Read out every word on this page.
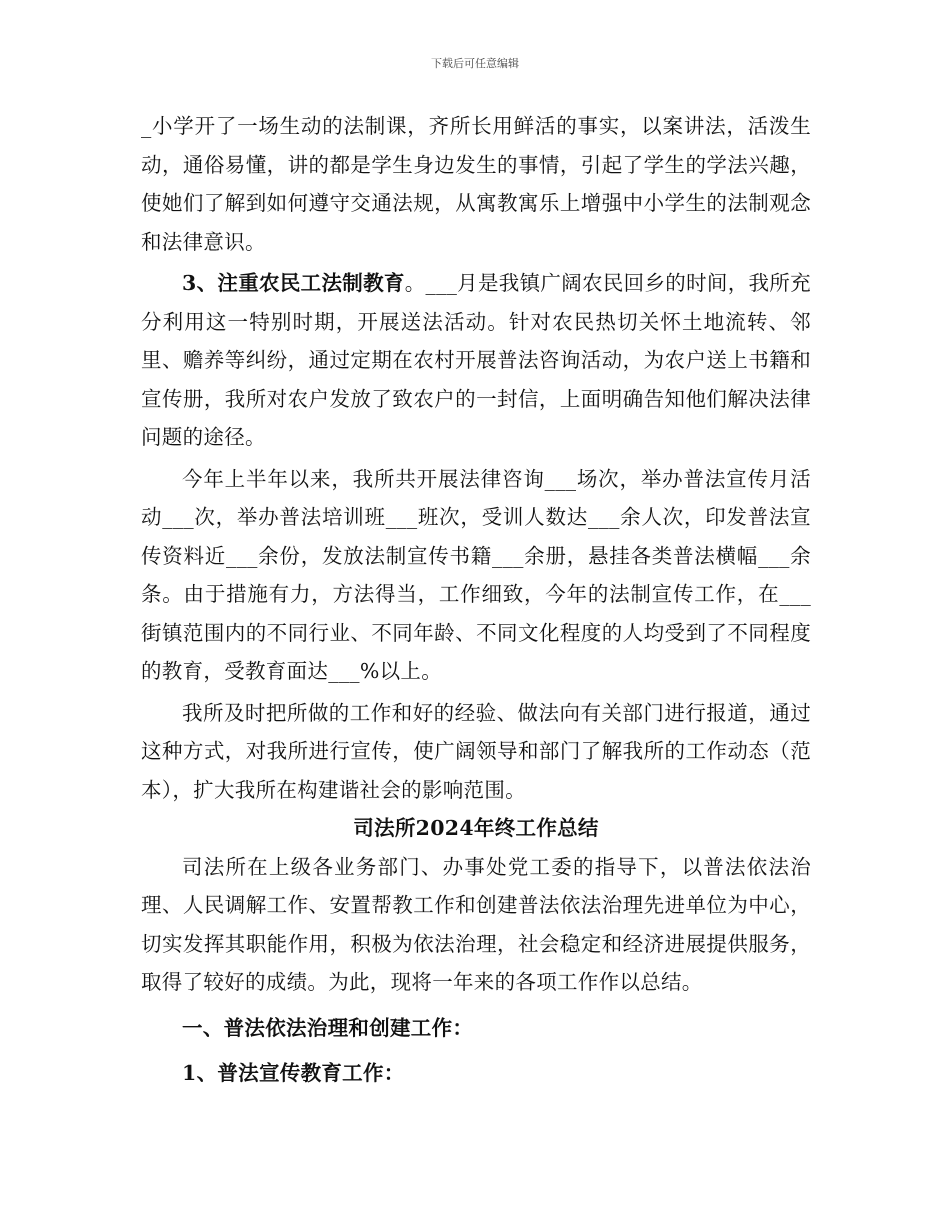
下载后可任意编辑

_小学开了一场生动的法制课，齐所长用鲜活的事实，以案讲法，活泼生动，通俗易懂，讲的都是学生身边发生的事情，引起了学生的学法兴趣，使她们了解到如何遵守交通法规，从寓教寓乐上增强中小学生的法制观念和法律意识。

3、注重农民工法制教育。___月是我镇广阔农民回乡的时间，我所充分利用这一特别时期，开展送法活动。针对农民热切关怀土地流转、邻里、赡养等纠纷，通过定期在农村开展普法咨询活动，为农户送上书籍和宣传册，我所对农户发放了致农户的一封信，上面明确告知他们解决法律问题的途径。

今年上半年以来，我所共开展法律咨询___场次，举办普法宣传月活动___次，举办普法培训班___班次，受训人数达___余人次，印发普法宣传资料近___余份，发放法制宣传书籍___余册，悬挂各类普法横幅___余条。由于措施有力，方法得当，工作细致，今年的法制宣传工作，在___街镇范围内的不同行业、不同年龄、不同文化程度的人均受到了不同程度的教育，受教育面达___%以上。

我所及时把所做的工作和好的经验、做法向有关部门进行报道，通过这种方式，对我所进行宣传，使广阔领导和部门了解我所的工作动态（范本），扩大我所在构建谐社会的影响范围。

司法所2024年终工作总结

司法所在上级各业务部门、办事处党工委的指导下，以普法依法治理、人民调解工作、安置帮教工作和创建普法依法治理先进单位为中心，切实发挥其职能作用，积极为依法治理，社会稳定和经济进展提供服务，取得了较好的成绩。为此，现将一年来的各项工作作以总结。

一、普法依法治理和创建工作：

1、普法宣传教育工作：
